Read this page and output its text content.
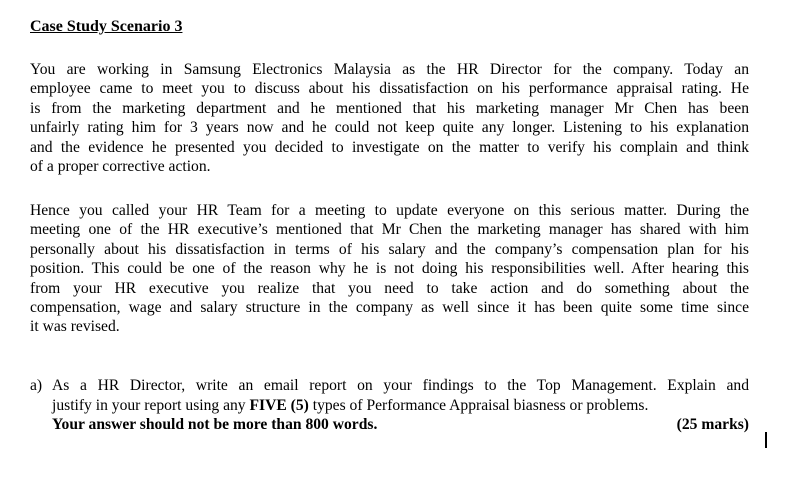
Case Study Scenario 3
You are working in Samsung Electronics Malaysia as the HR Director for the company. Today an
employee came to meet you to discuss about his dissatisfaction on his performance appraisal rating. He
is from the marketing department and he mentioned that his marketing manager Mr Chen has been
unfairly rating him for 3 years now and he could not keep quite any longer. Listening to his explanation
and the evidence he presented you decided to investigate on the matter to verify his complain and think
of a proper corrective action.
Hence you called your HR Team for a meeting to update everyone on this serious matter. During the
meeting one of the HR executive’s mentioned that Mr Chen the marketing manager has shared with him
personally about his dissatisfaction in terms of his salary and the company’s compensation plan for his
position. This could be one of the reason why he is not doing his responsibilities well. After hearing this
from your HR executive you realize that you need to take action and do something about the
compensation, wage and salary structure in the company as well since it has been quite some time since
it was revised.
a) As a HR Director, write an email report on your findings to the Top Management. Explain and
justify in your report using any FIVE (5) types of Performance Appraisal biasness or problems.
Your answer should not be more than 800 words.	(25 marks)
